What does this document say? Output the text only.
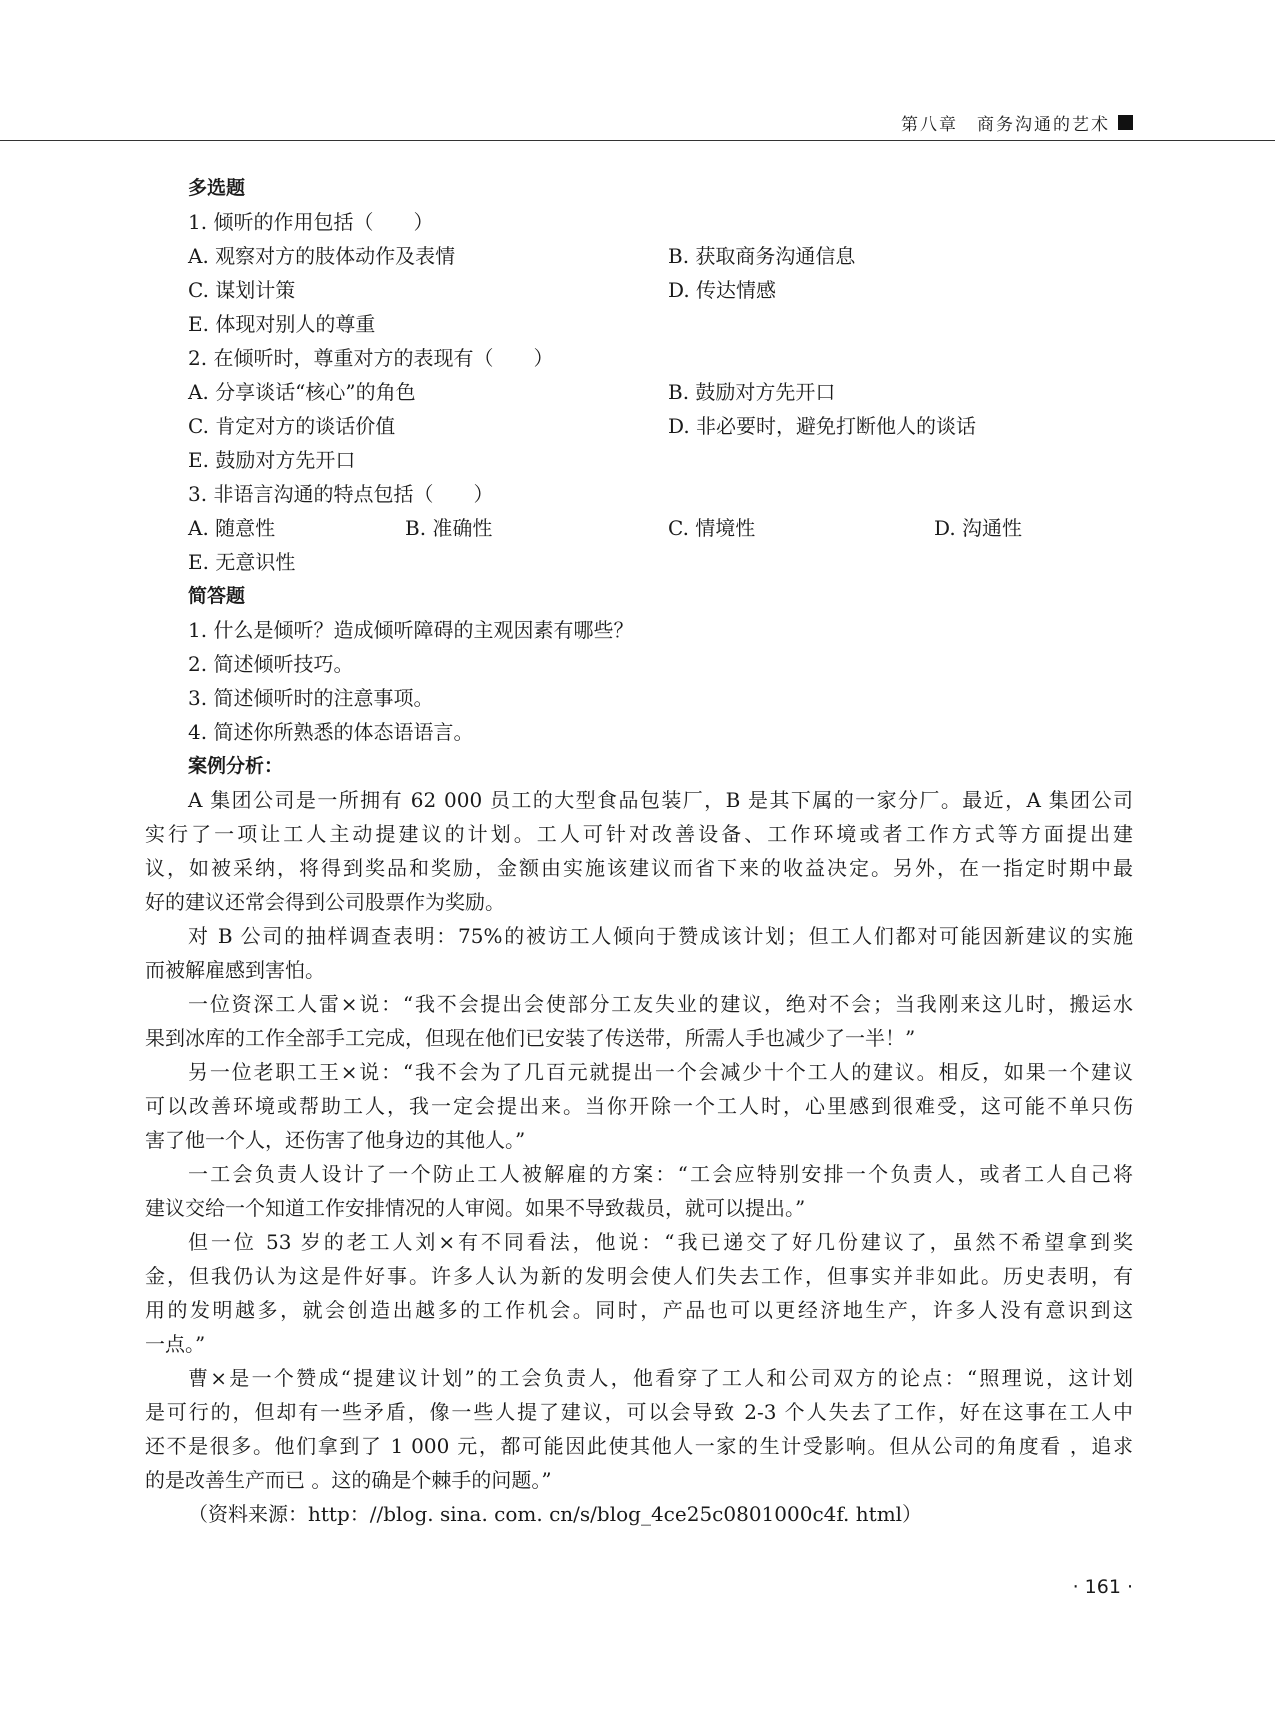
第八章　商务沟通的艺术
多选题
1. 倾听的作用包括（　　）
A. 观察对方的肢体动作及表情	B. 获取商务沟通信息
C. 谋划计策	D. 传达情感
E. 体现对别人的尊重
2. 在倾听时，尊重对方的表现有（　　）
A. 分享谈话“核心”的角色	B. 鼓励对方先开口
C. 肯定对方的谈话价值	D. 非必要时，避免打断他人的谈话
E. 鼓励对方先开口
3. 非语言沟通的特点包括（　　）
A. 随意性	B. 准确性	C. 情境性	D. 沟通性
E. 无意识性
简答题
1. 什么是倾听？造成倾听障碍的主观因素有哪些？
2. 简述倾听技巧。
3. 简述倾听时的注意事项。
4. 简述你所熟悉的体态语语言。
案例分析：
A 集团公司是一所拥有 62 000 员工的大型食品包装厂，B 是其下属的一家分厂。最近，A 集团公司
实行了一项让工人主动提建议的计划。工人可针对改善设备、工作环境或者工作方式等方面提出建
议，如被采纳，将得到奖品和奖励，金额由实施该建议而省下来的收益决定。另外，在一指定时期中最
好的建议还常会得到公司股票作为奖励。
对 B 公司的抽样调查表明：75%的被访工人倾向于赞成该计划；但工人们都对可能因新建议的实施
而被解雇感到害怕。
一位资深工人雷×说：“我不会提出会使部分工友失业的建议，绝对不会；当我刚来这儿时，搬运水
果到冰库的工作全部手工完成，但现在他们已安装了传送带，所需人手也减少了一半！”
另一位老职工王×说：“我不会为了几百元就提出一个会减少十个工人的建议。相反，如果一个建议
可以改善环境或帮助工人，我一定会提出来。当你开除一个工人时，心里感到很难受，这可能不单只伤
害了他一个人，还伤害了他身边的其他人。”
一工会负责人设计了一个防止工人被解雇的方案：“工会应特别安排一个负责人，或者工人自己将
建议交给一个知道工作安排情况的人审阅。如果不导致裁员，就可以提出。”
但一位 53 岁的老工人刘×有不同看法，他说：“我已递交了好几份建议了，虽然不希望拿到奖
金，但我仍认为这是件好事。许多人认为新的发明会使人们失去工作，但事实并非如此。历史表明，有
用的发明越多，就会创造出越多的工作机会。同时，产品也可以更经济地生产，许多人没有意识到这
一点。”
曹×是一个赞成“提建议计划”的工会负责人，他看穿了工人和公司双方的论点：“照理说，这计划
是可行的，但却有一些矛盾，像一些人提了建议，可以会导致 2-3 个人失去了工作，好在这事在工人中
还不是很多。他们拿到了 1 000 元，都可能因此使其他人一家的生计受影响。但从公司的角度看 ，追求
的是改善生产而已 。这的确是个棘手的问题。”
（资料来源：http：//blog. sina. com. cn/s/blog_4ce25c0801000c4f. html）
· 161 ·
